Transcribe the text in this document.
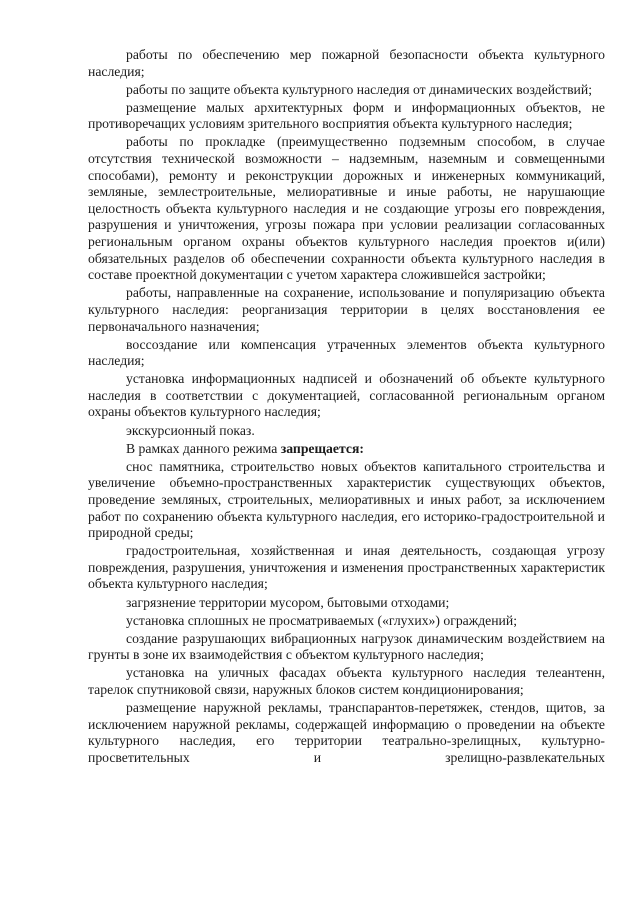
работы по обеспечению мер пожарной безопасности объекта культурного наследия;

работы по защите объекта культурного наследия от динамических воздействий;

размещение малых архитектурных форм и информационных объектов, не противоречащих условиям зрительного восприятия объекта культурного наследия;

работы по прокладке (преимущественно подземным способом, в случае отсутствия технической возможности – надземным, наземным и совмещенными способами), ремонту и реконструкции дорожных и инженерных коммуникаций, земляные, землестроительные, мелиоративные и иные работы, не нарушающие целостность объекта культурного наследия и не создающие угрозы его повреждения, разрушения и уничтожения, угрозы пожара при условии реализации согласованных региональным органом охраны объектов культурного наследия проектов и(или) обязательных разделов об обеспечении сохранности объекта культурного наследия в составе проектной документации с учетом характера сложившейся застройки;

работы, направленные на сохранение, использование и популяризацию объекта культурного наследия: реорганизация территории в целях восстановления ее первоначального назначения;

воссоздание или компенсация утраченных элементов объекта культурного наследия;

установка информационных надписей и обозначений об объекте культурного наследия в соответствии с документацией, согласованной региональным органом охраны объектов культурного наследия;

экскурсионный показ.

В рамках данного режима запрещается:

снос памятника, строительство новых объектов капитального строительства и увеличение объемно-пространственных характеристик существующих объектов, проведение земляных, строительных, мелиоративных и иных работ, за исключением работ по сохранению объекта культурного наследия, его историко-градостроительной и природной среды;

градостроительная, хозяйственная и иная деятельность, создающая угрозу повреждения, разрушения, уничтожения и изменения пространственных характеристик объекта культурного наследия;

загрязнение территории мусором, бытовыми отходами;

установка сплошных не просматриваемых («глухих») ограждений;

создание разрушающих вибрационных нагрузок динамическим воздействием на грунты в зоне их взаимодействия с объектом культурного наследия;

установка на уличных фасадах объекта культурного наследия телеантенн, тарелок спутниковой связи, наружных блоков систем кондиционирования;

размещение наружной рекламы, транспарантов-перетяжек, стендов, щитов, за исключением наружной рекламы, содержащей информацию о проведении на объекте культурного наследия, его территории театрально-зрелищных, культурно-просветительных и зрелищно-развлекательных
